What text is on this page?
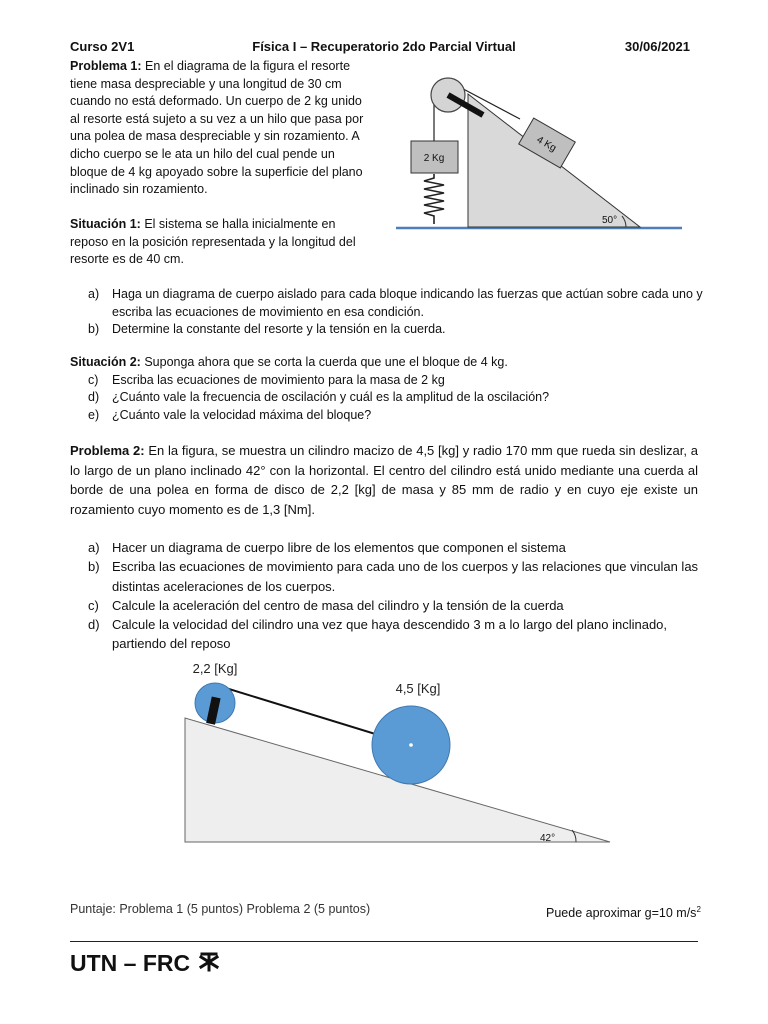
Curso 2V1	Física I – Recuperatorio 2do Parcial Virtual	30/06/2021
Problema 1: En el diagrama de la figura el resorte tiene masa despreciable y una longitud de 30 cm cuando no está deformado. Un cuerpo de 2 kg unido al resorte está sujeto a su vez a un hilo que pasa por una polea de masa despreciable y sin rozamiento. A dicho cuerpo se le ata un hilo del cual pende un bloque de 4 kg apoyado sobre la superficie del plano inclinado sin rozamiento.
Situación 1: El sistema se halla inicialmente en reposo en la posición representada y la longitud del resorte es de 40 cm.
2 Kg
4 Kg
50°
a) Haga un diagrama de cuerpo aislado para cada bloque indicando las fuerzas que actúan sobre cada uno y escriba las ecuaciones de movimiento en esa condición.
b) Determine la constante del resorte y la tensión en la cuerda.
Situación 2: Suponga ahora que se corta la cuerda que une el bloque de 4 kg.
c) Escriba las ecuaciones de movimiento para la masa de 2 kg
d) ¿Cuánto vale la frecuencia de oscilación y cuál es la amplitud de la oscilación?
e) ¿Cuánto vale la velocidad máxima del bloque?
Problema 2: En la figura, se muestra un cilindro macizo de 4,5 [kg] y radio 170 mm que rueda sin deslizar, a lo largo de un plano inclinado 42° con la horizontal. El centro del cilindro está unido mediante una cuerda al borde de una polea en forma de disco de 2,2 [kg] de masa y 85 mm de radio y en cuyo eje existe un rozamiento cuyo momento es de 1,3 [Nm].
a) Hacer un diagrama de cuerpo libre de los elementos que componen el sistema
b) Escriba las ecuaciones de movimiento para cada uno de los cuerpos y las relaciones que vinculan las distintas aceleraciones de los cuerpos.
c) Calcule la aceleración del centro de masa del cilindro y la tensión de la cuerda
d) Calcule la velocidad del cilindro una vez que haya descendido 3 m a lo largo del plano inclinado, partiendo del reposo
2,2 [Kg]
4,5 [Kg]
42°
Puntaje: Problema 1 (5 puntos) Problema 2 (5 puntos)	Puede aproximar g=10 $m/s^2$
UTN – FRC
